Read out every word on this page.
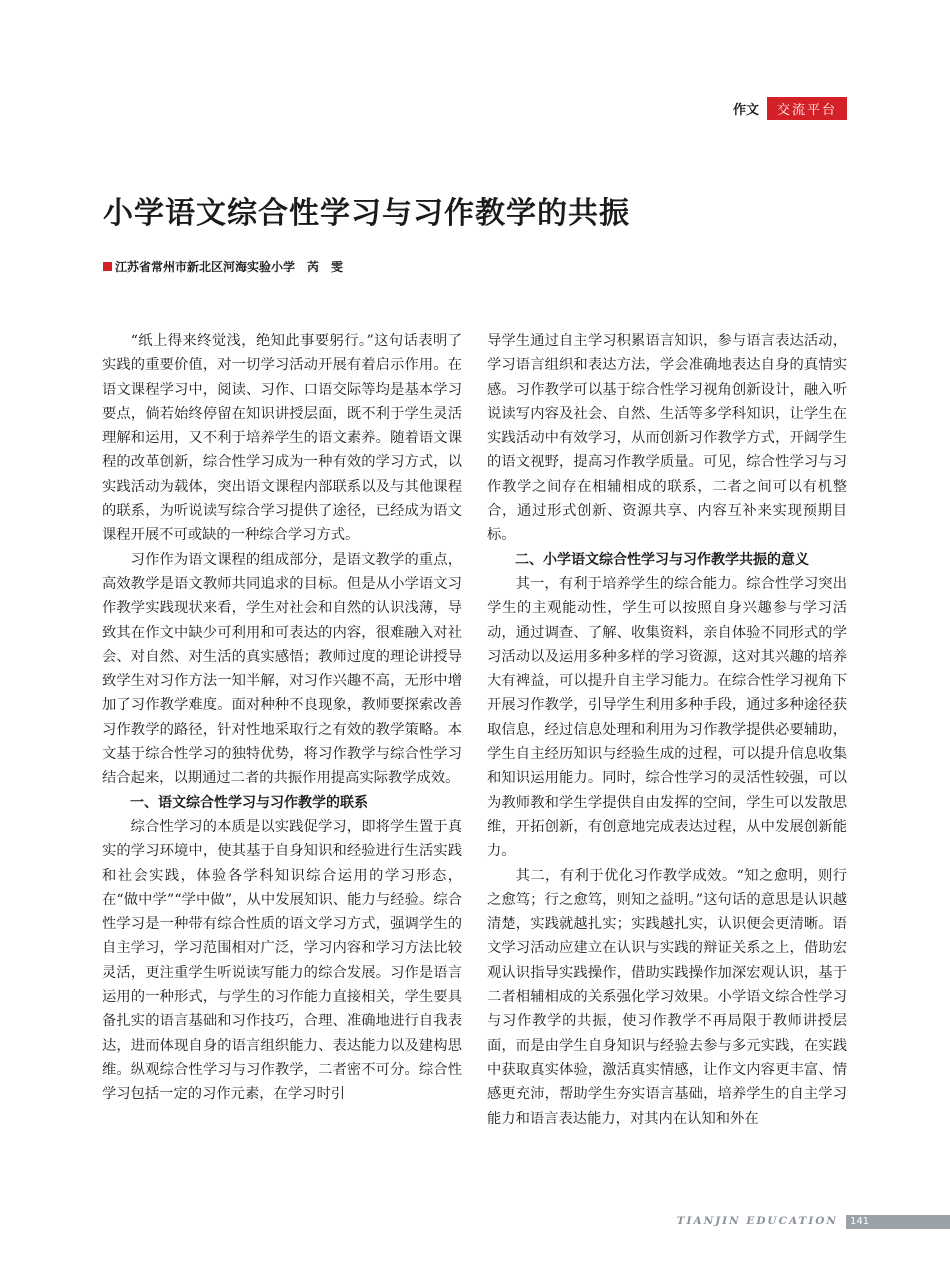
作文	交流平台
小学语文综合性学习与习作教学的共振
江苏省常州市新北区河海实验小学　芮　雯

“纸上得来终觉浅，绝知此事要躬行。”这句话表明了实践的重要价值，对一切学习活动开展有着启示作用。在语文课程学习中，阅读、习作、口语交际等均是基本学习要点，倘若始终停留在知识讲授层面，既不利于学生灵活理解和运用，又不利于培养学生的语文素养。随着语文课程的改革创新，综合性学习成为一种有效的学习方式，以实践活动为载体，突出语文课程内部联系以及与其他课程的联系，为听说读写综合学习提供了途径，已经成为语文课程开展不可或缺的一种综合学习方式。

习作作为语文课程的组成部分，是语文教学的重点，高效教学是语文教师共同追求的目标。但是从小学语文习作教学实践现状来看，学生对社会和自然的认识浅薄，导致其在作文中缺少可利用和可表达的内容，很难融入对社会、对自然、对生活的真实感悟；教师过度的理论讲授导致学生对习作方法一知半解，对习作兴趣不高，无形中增加了习作教学难度。面对种种不良现象，教师要探索改善习作教学的路径，针对性地采取行之有效的教学策略。本文基于综合性学习的独特优势，将习作教学与综合性学习结合起来，以期通过二者的共振作用提高实际教学成效。

一、语文综合性学习与习作教学的联系

综合性学习的本质是以实践促学习，即将学生置于真实的学习环境中，使其基于自身知识和经验进行生活实践和社会实践，体验各学科知识综合运用的学习形态，在“做中学”“学中做”，从中发展知识、能力与经验。综合性学习是一种带有综合性质的语文学习方式，强调学生的自主学习，学习范围相对广泛，学习内容和学习方法比较灵活，更注重学生听说读写能力的综合发展。习作是语言运用的一种形式，与学生的习作能力直接相关，学生要具备扎实的语言基础和习作技巧，合理、准确地进行自我表达，进而体现自身的语言组织能力、表达能力以及建构思维。纵观综合性学习与习作教学，二者密不可分。综合性学习包括一定的习作元素，在学习时引

导学生通过自主学习积累语言知识，参与语言表达活动，学习语言组织和表达方法，学会准确地表达自身的真情实感。习作教学可以基于综合性学习视角创新设计，融入听说读写内容及社会、自然、生活等多学科知识，让学生在实践活动中有效学习，从而创新习作教学方式，开阔学生的语文视野，提高习作教学质量。可见，综合性学习与习作教学之间存在相辅相成的联系，二者之间可以有机整合，通过形式创新、资源共享、内容互补来实现预期目标。

二、小学语文综合性学习与习作教学共振的意义

其一，有利于培养学生的综合能力。综合性学习突出学生的主观能动性，学生可以按照自身兴趣参与学习活动，通过调查、了解、收集资料，亲自体验不同形式的学习活动以及运用多种多样的学习资源，这对其兴趣的培养大有裨益，可以提升自主学习能力。在综合性学习视角下开展习作教学，引导学生利用多种手段，通过多种途径获取信息，经过信息处理和利用为习作教学提供必要辅助，学生自主经历知识与经验生成的过程，可以提升信息收集和知识运用能力。同时，综合性学习的灵活性较强，可以为教师教和学生学提供自由发挥的空间，学生可以发散思维，开拓创新，有创意地完成表达过程，从中发展创新能力。

其二，有利于优化习作教学成效。“知之愈明，则行之愈笃；行之愈笃，则知之益明。”这句话的意思是认识越清楚，实践就越扎实；实践越扎实，认识便会更清晰。语文学习活动应建立在认识与实践的辩证关系之上，借助宏观认识指导实践操作，借助实践操作加深宏观认识，基于二者相辅相成的关系强化学习效果。小学语文综合性学习与习作教学的共振，使习作教学不再局限于教师讲授层面，而是由学生自身知识与经验去参与多元实践，在实践中获取真实体验，激活真实情感，让作文内容更丰富、情感更充沛，帮助学生夯实语言基础，培养学生的自主学习能力和语言表达能力，对其内在认知和外在

TIANJIN EDUCATION	141
